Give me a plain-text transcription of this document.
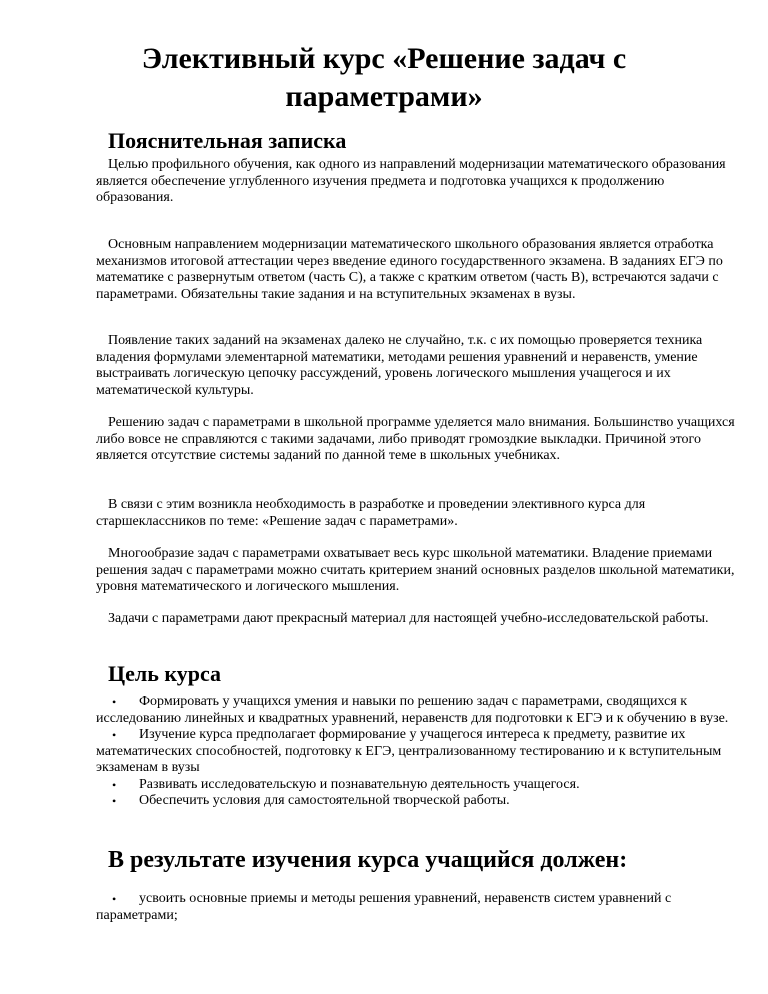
Элективный курс «Решение задач с параметрами»
Пояснительная записка

Целью профильного обучения, как одного из направлений модернизации математического образования является обеспечение углубленного изучения предмета и подготовка учащихся к продолжению образования.

Основным направлением модернизации математического школьного образования является отработка механизмов итоговой аттестации через введение единого государственного экзамена. В заданиях ЕГЭ по математике с развернутым ответом (часть С), а также с кратким ответом (часть В), встречаются задачи с параметрами. Обязательны такие задания и на вступительных экзаменах в вузы.

Появление таких заданий на экзаменах далеко не случайно, т.к. с их помощью проверяется техника владения формулами элементарной математики, методами решения уравнений и неравенств, умение выстраивать логическую цепочку рассуждений, уровень логического мышления учащегося и их математической культуры.

Решению задач с параметрами в школьной программе уделяется мало внимания. Большинство учащихся либо вовсе не справляются с такими задачами, либо приводят громоздкие выкладки. Причиной этого является отсутствие системы заданий по данной теме в школьных учебниках.

В связи с этим возникла необходимость в разработке и проведении элективного курса для старшеклассников по теме: «Решение задач с параметрами».

Многообразие задач с параметрами охватывает весь курс школьной математики. Владение приемами решения задач с параметрами можно считать критерием знаний основных разделов школьной математики, уровня математического и логического мышления.

Задачи с параметрами дают прекрасный материал для настоящей учебно-исследовательской работы.

Цель курса
• Формировать у учащихся умения и навыки по решению задач с параметрами, сводящихся к исследованию линейных и квадратных уравнений, неравенств для подготовки к ЕГЭ и к обучению в вузе.
• Изучение курса предполагает формирование у учащегося интереса к предмету, развитие их математических способностей, подготовку к ЕГЭ, централизованному тестированию и к вступительным экзаменам в вузы
• Развивать исследовательскую и познавательную деятельность учащегося.
• Обеспечить условия для самостоятельной творческой работы.
В результате изучения курса учащийся должен:
• усвоить основные приемы и методы решения уравнений, неравенств систем уравнений с параметрами;
